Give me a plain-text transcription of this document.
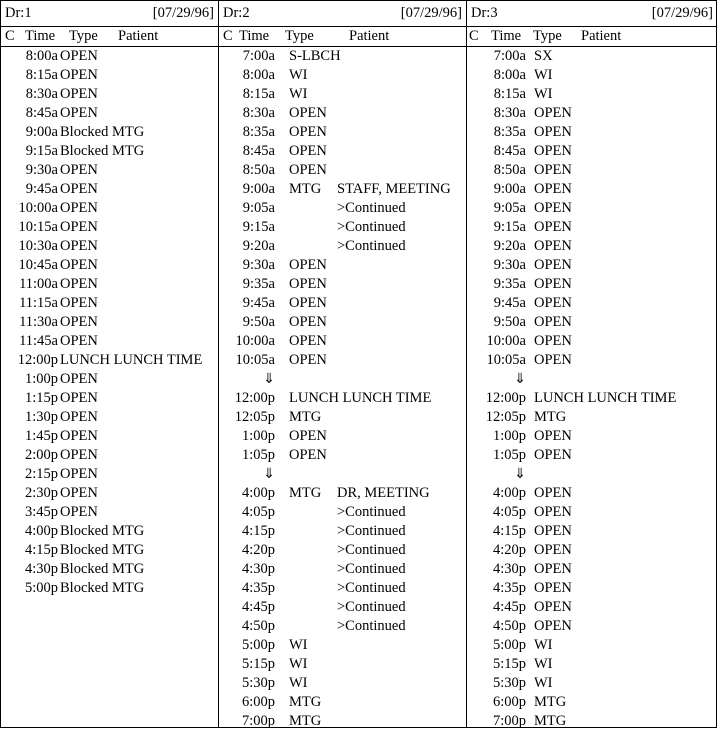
Dr:1	[07/29/96]
C Time Type Patient
8:00a OPEN
8:15a OPEN
8:30a OPEN
8:45a OPEN
9:00a Blocked MTG
9:15a Blocked MTG
9:30a OPEN
9:45a OPEN
10:00a OPEN
10:15a OPEN
10:30a OPEN
10:45a OPEN
11:00a OPEN
11:15a OPEN
11:30a OPEN
11:45a OPEN
12:00p LUNCH LUNCH TIME
1:00p OPEN
1:15p OPEN
1:30p OPEN
1:45p OPEN
2:00p OPEN
2:15p OPEN
2:30p OPEN
3:45p OPEN
4:00p Blocked MTG
4:15p Blocked MTG
4:30p Blocked MTG
5:00p Blocked MTG
Dr:2	[07/29/96]
C Time Type Patient
7:00a S-LBCH
8:00a WI
8:15a WI
8:30a OPEN
8:35a OPEN
8:45a OPEN
8:50a OPEN
9:00a MTG STAFF, MEETING
9:05a	>Continued
9:15a	>Continued
9:20a	>Continued
9:30a OPEN
9:35a OPEN
9:45a OPEN
9:50a OPEN
10:00a OPEN
10:05a OPEN
⇓
12:00p LUNCH LUNCH TIME
12:05p MTG
1:00p OPEN
1:05p OPEN
⇓
4:00p MTG DR, MEETING
4:05p	>Continued
4:15p	>Continued
4:20p	>Continued
4:30p	>Continued
4:35p	>Continued
4:45p	>Continued
4:50p	>Continued
5:00p WI
5:15p WI
5:30p WI
6:00p MTG
7:00p MTG
Dr:3	[07/29/96]
C Time Type Patient
7:00a SX
8:00a WI
8:15a WI
8:30a OPEN
8:35a OPEN
8:45a OPEN
8:50a OPEN
9:00a OPEN
9:05a OPEN
9:15a OPEN
9:20a OPEN
9:30a OPEN
9:35a OPEN
9:45a OPEN
9:50a OPEN
10:00a OPEN
10:05a OPEN
⇓
12:00p LUNCH LUNCH TIME
12:05p MTG
1:00p OPEN
1:05p OPEN
⇓
4:00p OPEN
4:05p OPEN
4:15p OPEN
4:20p OPEN
4:30p OPEN
4:35p OPEN
4:45p OPEN
4:50p OPEN
5:00p WI
5:15p WI
5:30p WI
6:00p MTG
7:00p MTG
